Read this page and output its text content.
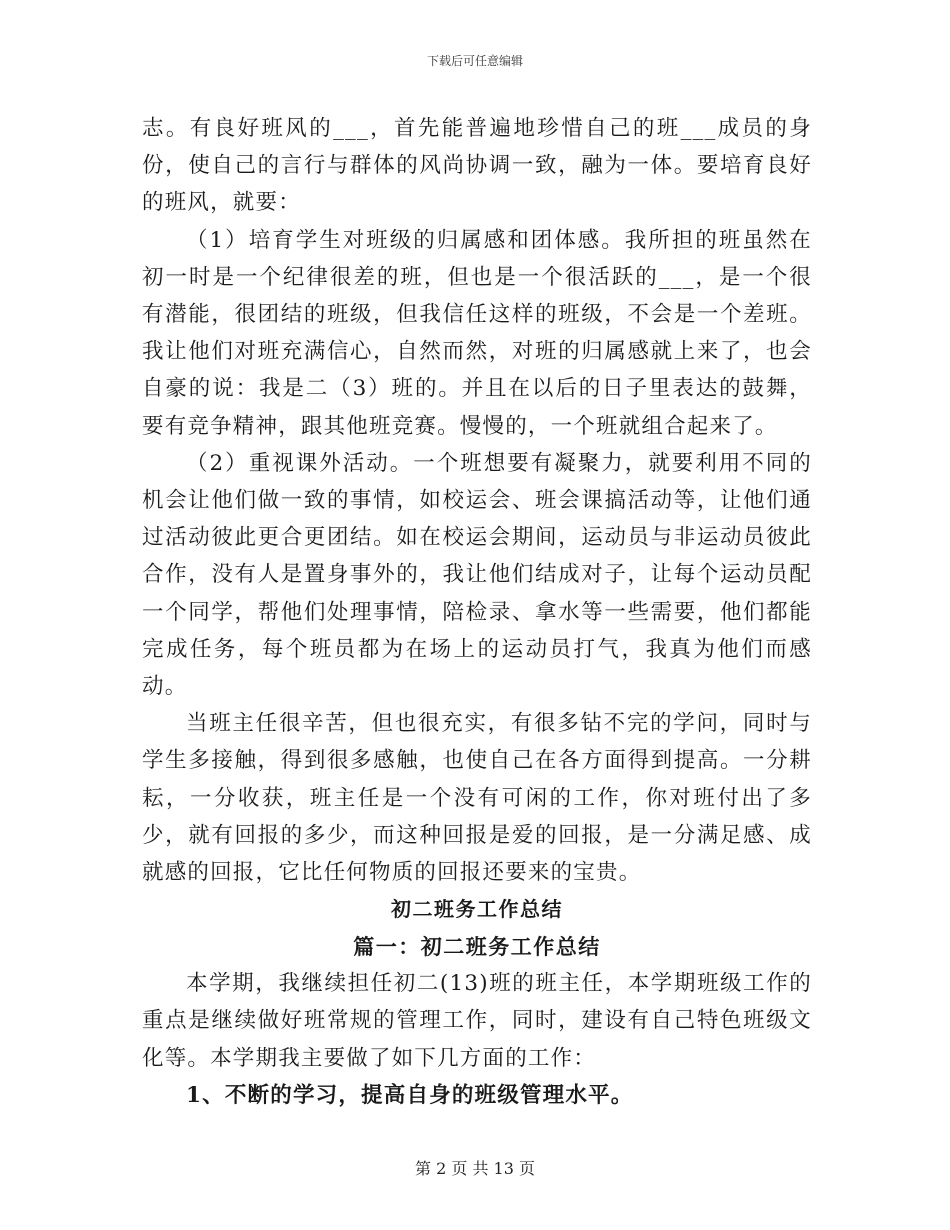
下载后可任意编辑

志。有良好班风的___，首先能普遍地珍惜自己的班___成员的身份，使自己的言行与群体的风尚协调一致，融为一体。要培育良好的班风，就要：

（1）培育学生对班级的归属感和团体感。我所担的班虽然在初一时是一个纪律很差的班，但也是一个很活跃的___，是一个很有潜能，很团结的班级，但我信任这样的班级，不会是一个差班。我让他们对班充满信心，自然而然，对班的归属感就上来了，也会自豪的说：我是二（3）班的。并且在以后的日子里表达的鼓舞，要有竞争精神，跟其他班竞赛。慢慢的，一个班就组合起来了。

（2）重视课外活动。一个班想要有凝聚力，就要利用不同的机会让他们做一致的事情，如校运会、班会课搞活动等，让他们通过活动彼此更合更团结。如在校运会期间，运动员与非运动员彼此合作，没有人是置身事外的，我让他们结成对子，让每个运动员配一个同学，帮他们处理事情，陪检录、拿水等一些需要，他们都能完成任务，每个班员都为在场上的运动员打气，我真为他们而感动。

当班主任很辛苦，但也很充实，有很多钻不完的学问，同时与学生多接触，得到很多感触，也使自己在各方面得到提高。一分耕耘，一分收获，班主任是一个没有可闲的工作，你对班付出了多少，就有回报的多少，而这种回报是爱的回报，是一分满足感、成就感的回报，它比任何物质的回报还要来的宝贵。

初二班务工作总结

篇一：初二班务工作总结

本学期，我继续担任初二(13)班的班主任，本学期班级工作的重点是继续做好班常规的管理工作，同时，建设有自己特色班级文化等。本学期我主要做了如下几方面的工作：

1、不断的学习，提高自身的班级管理水平。

第 2 页 共 13 页
